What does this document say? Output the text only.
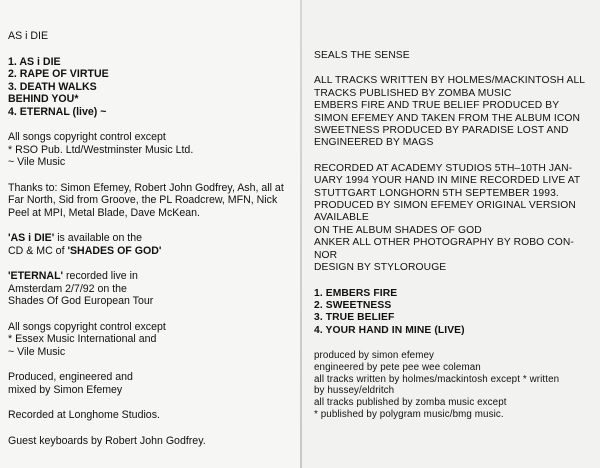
AS i DIE

1. AS i DIE

2. RAPE OF VIRTUE

3. DEATH WALKS

BEHIND YOU*

4. ETERNAL (live) ~

All songs copyright control except

* RSO Pub. Ltd/Westminster Music Ltd.

~ Vile Music

Thanks to: Simon Efemey, Robert John Godfrey, Ash, all at

Far North, Sid from Groove, the PL Roadcrew, MFN, Nick

Peel at MPI, Metal Blade, Dave McKean.

'AS i DIE' is available on the

CD & MC of 'SHADES OF GOD'

'ETERNAL' recorded live in

Amsterdam 2/7/92 on the

Shades Of God European Tour

All songs copyright control except

* Essex Music International and

~ Vile Music

Produced, engineered and

mixed by Simon Efemey

Recorded at Longhome Studios.

Guest keyboards by Robert John Godfrey.

SEALS THE SENSE

ALL TRACKS WRITTEN BY HOLMES/MACKINTOSH ALL

TRACKS PUBLISHED BY ZOMBA MUSIC

EMBERS FIRE AND TRUE BELIEF PRODUCED BY

SIMON EFEMEY AND TAKEN FROM THE ALBUM ICON

SWEETNESS PRODUCED BY PARADISE LOST AND

ENGINEERED BY MAGS

RECORDED AT ACADEMY STUDIOS 5TH–10TH JAN-

UARY 1994 YOUR HAND IN MINE RECORDED LIVE AT

STUTTGART LONGHORN 5TH SEPTEMBER 1993.

PRODUCED BY SIMON EFEMEY ORIGINAL VERSION

AVAILABLE

ON THE ALBUM SHADES OF GOD

ANKER ALL OTHER PHOTOGRAPHY BY ROBO CON-

NOR

DESIGN BY STYLOROUGE

1. EMBERS FIRE

2. SWEETNESS

3. TRUE BELIEF

4. YOUR HAND IN MINE (LIVE)

produced by simon efemey

engineered by pete pee wee coleman

all tracks written by holmes/mackintosh except * written

by hussey/eldritch

all tracks published by zomba music except

* published by polygram music/bmg music.
